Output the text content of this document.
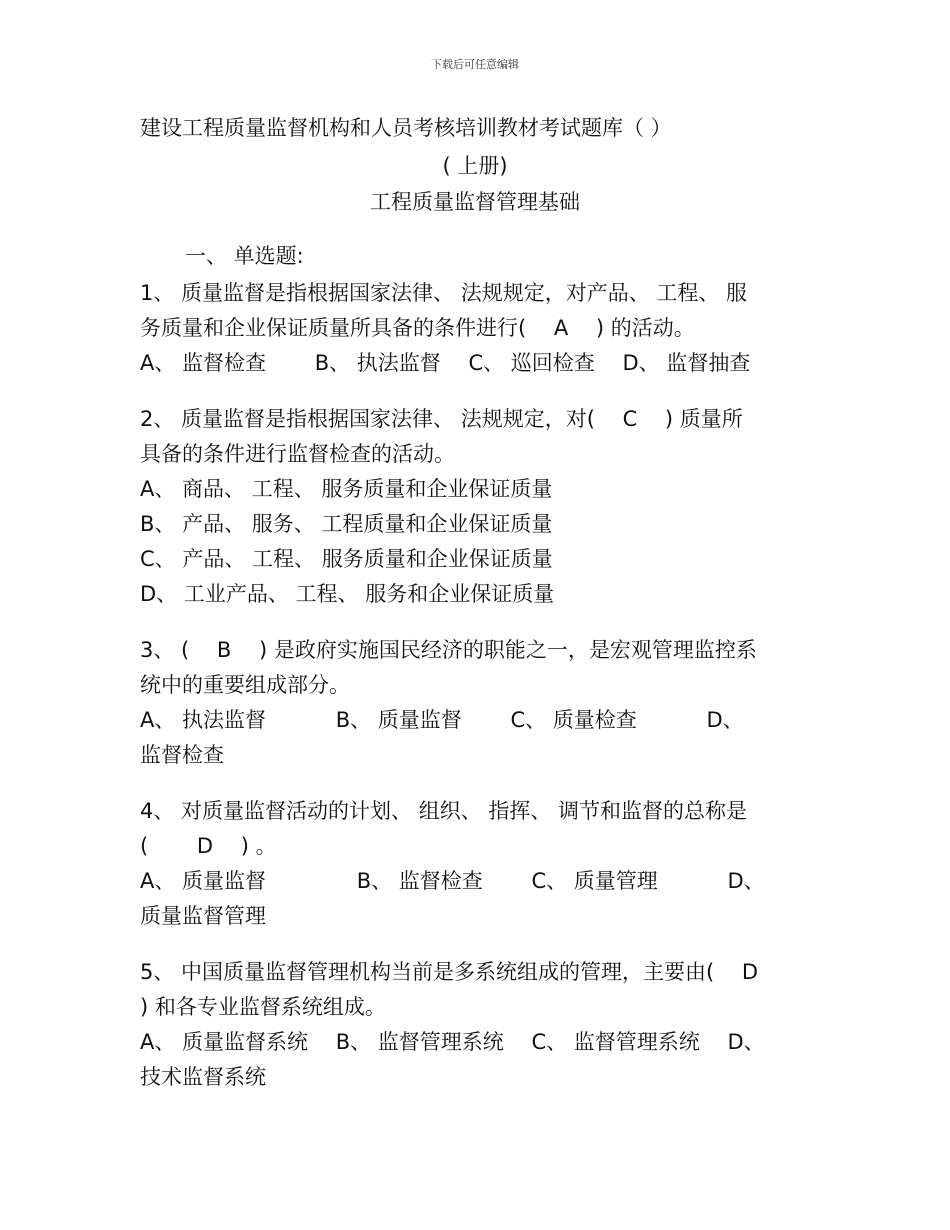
下载后可任意编辑
建设工程质量监督机构和人员考核培训教材考试题库（ ）
( 上册)
工程质量监督管理基础
一、 单选题:
1、 质量监督是指根据国家法律、 法规规定，对产品、 工程、 服
务质量和企业保证质量所具备的条件进行(　 A　 ) 的活动。
A、 监督检查　　 B、 执法监督　 C、 巡回检查　 D、 监督抽查
2、 质量监督是指根据国家法律、 法规规定，对(　 C　 ) 质量所
具备的条件进行监督检查的活动。
A、 商品、 工程、 服务质量和企业保证质量
B、 产品、 服务、 工程质量和企业保证质量
C、 产品、 工程、 服务质量和企业保证质量
D、 工业产品、 工程、 服务和企业保证质量
3、 (　 B　 ) 是政府实施国民经济的职能之一，是宏观管理监控系
统中的重要组成部分。
A、 执法监督　　　 B、 质量监督　　 C、 质量检查　　　 D、
监督检查
4、 对质量监督活动的计划、 组织、 指挥、 调节和监督的总称是
(　　 D　 ) 。
A、 质量监督　　　　 B、 监督检查　　 C、 质量管理　　　 D、
质量监督管理
5、 中国质量监督管理机构当前是多系统组成的管理，主要由(　 D
) 和各专业监督系统组成。
A、 质量监督系统　 B、 监督管理系统　 C、 监督管理系统　 D、
技术监督系统
